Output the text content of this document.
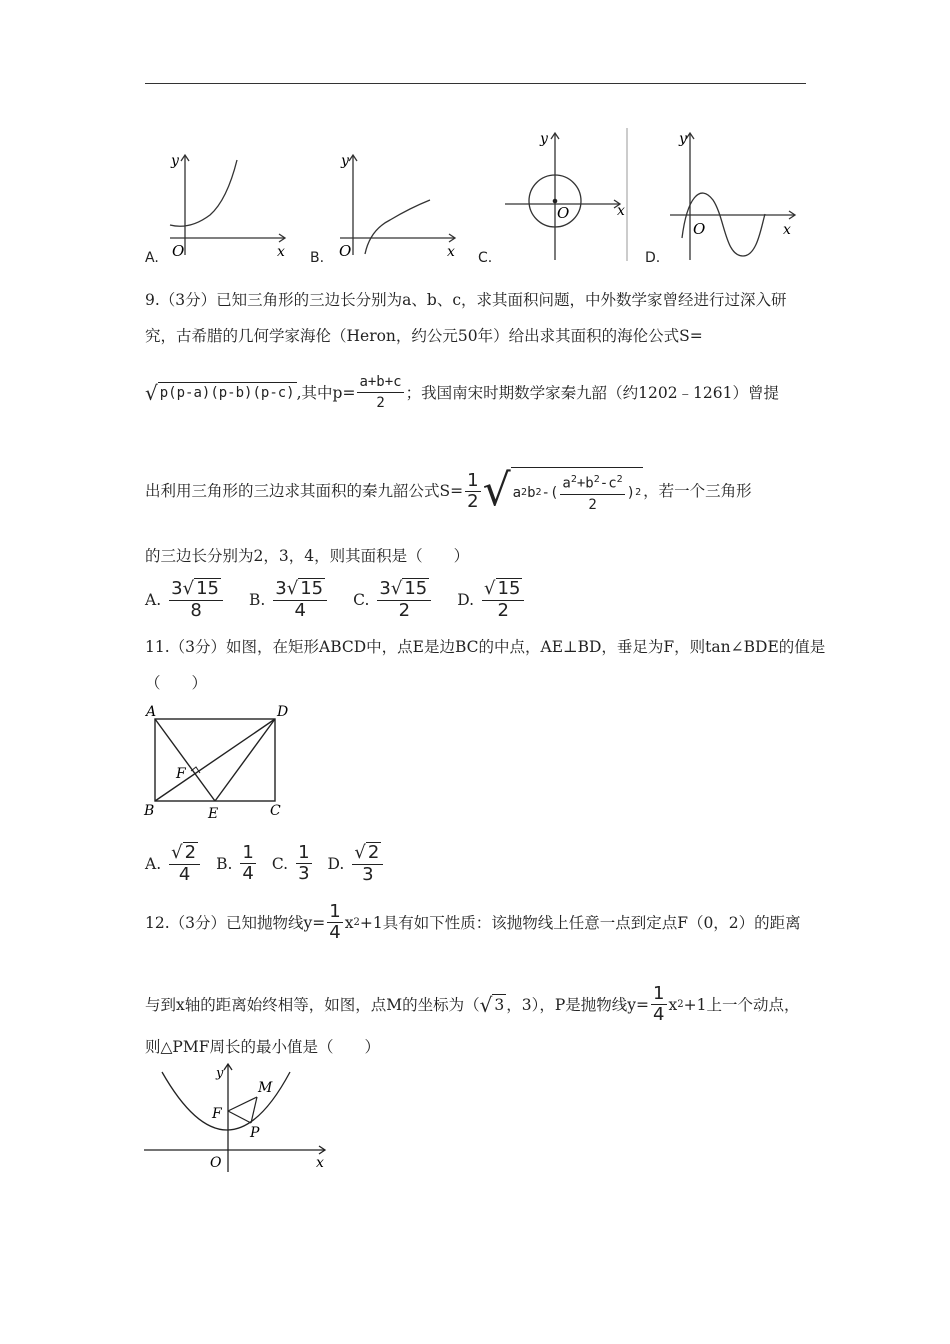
y
O	x
A.
y
O	x
B.
y
O	x
C.
y
O	x
D.
9.（3分）已知三角形的三边长分别为a、b、c，求其面积问题，中外数学家曾经进行过深入研
究，古希腊的几何学家海伦（Heron，约公元50年）给出求其面积的海伦公式S=
√ p(p-a)(p-b)(p-c) ,其中$p= \frac{a+b+c}{2}$ ；我国南宋时期数学家秦九韶（约1202﹣1261）曾提
出利用三角形的三边求其面积的秦九韶公式$S= \frac{1}{2}$ √ a 2 b 2 -( $\frac{a^2+b^2-c^2}{2}$ ) 2 ，若一个三角形
的三边长分别为2，3，4，则其面积是（　　）
A. $\frac{3 √ 15}{8} B$. $\frac{3 √ 15}{4} C$. $\frac{3 √ 15}{2} D$. $\frac{√ 15}{2}$
11.（3分）如图，在矩形ABCD中，点E是边BC的中点，AE⊥BD，垂足为F，则tan∠BDE的值是
（　　）
A	D
B	E	C
F
A. $\frac{√ 2}{4} B$. $\frac{1}{4} C$. $\frac{1}{3} D$. $\frac{√ 2}{3}$
12.（3分）已知抛物线$y= \frac{1}{4}$ x 2 +1具有如下性质：该抛物线上任意一点到定点F（0，2）的距离
与到x轴的距离始终相等，如图，点M的坐标为（ √ 3 ，3），P是抛物线$y= \frac{1}{4}$ x 2 +1上一个动点，
则△PMF周长的最小值是（　　）
y
M
F
P
O	x
